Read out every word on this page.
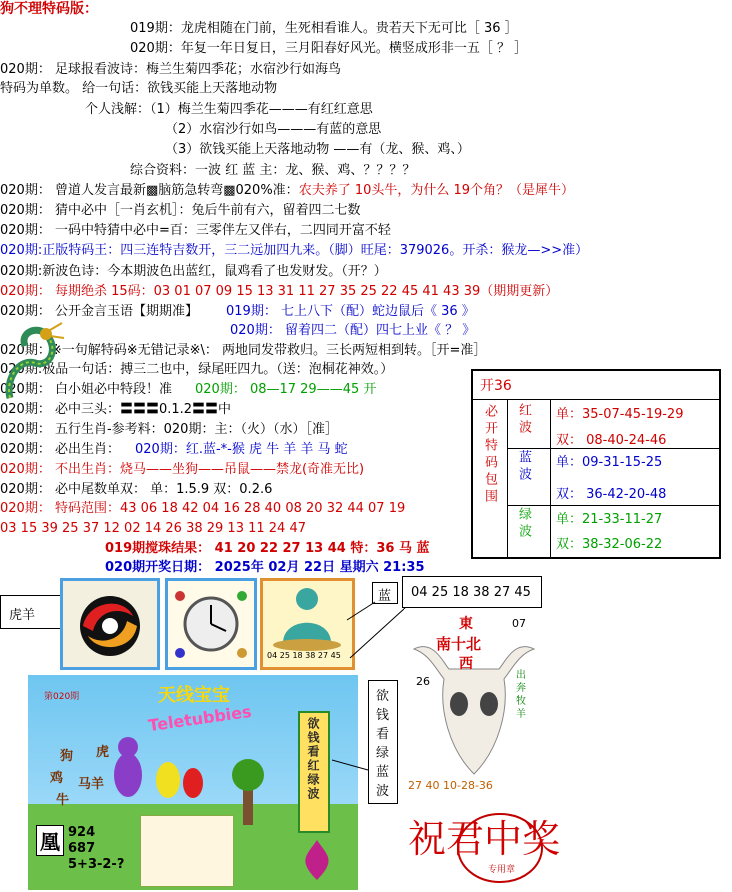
狗不理特码版：
019期：龙虎相随在门前，生死相看谁人。贵若天下无可比［ 36 ］
020期：年复一年日复日，三月阳春好风光。横竖成形非一五［ ？ ］
020期： 足球报看波诗：梅兰生菊四季花；水宿沙行如海鸟
特码为单数。 给一句话：欲钱买能上天落地动物
个人浅解：（1）梅兰生菊四季花———有红红意思
（2）水宿沙行如鸟———有蓝的意思
（3）欲钱买能上天落地动物 ——有（龙、猴、鸡、）
综合资料：一波 红 蓝 主：龙、猴、鸡、？？？？
020期： 曾道人发言最新▩脑筋急转弯▩020%准：农夫养了 10头牛，为什么 19个角？（是犀牛）
020期： 猜中必中［一肖玄机］：兔后牛前有六，留着四二七数
020期： 一码中特猜中必中=百：三零伴左又伴右，二四同开富不轻
020期:正版特码王：四三连特吉数开，三二远加四九来。（脚）旺尾：379026。开杀：猴龙—>>准）
020期:新波色诗：今本期波色出蓝红，鼠鸡看了也发财发。（开？）
020期： 每期绝杀 15码：03 01 07 09 15 13 31 11 27 35 25 22 45 41 43 39（期期更新）
020期： 公开金言玉语【期期准】 019期： 七上八下（配）蛇边鼠后《 36 》
020期： 留着四二（配）四七上业《 ？ 》
020期：※一句解特码※无错记录※\： 两地同发带救归。三长两短相到转。［开=准］
020期:极品一句话：搏三二也中，绿尾旺四九。（送：泡桐花神效。）
020期： 白小姐必中特段！准 020期： 08—17 29——45 开
020期： 必中三头：〓〓〓0.1.2〓〓中
020期： 五行生肖-参考料：020期：主：（火）（水）［准］
020期： 必出生肖： 020期：红.蓝-*-猴 虎 牛 羊 羊 马 蛇
020期： 不出生肖：烧马——坐狗——吊鼠——禁龙(奇准无比)
020期： 必中尾数单双： 单：1.5.9 双：0.2.6
020期： 特码范围：43 06 18 42 04 16 28 40 08 20 32 44 07 19
03 15 39 25 37 12 02 14 26 38 29 13 11 24 47
019期搅珠结果： 41 20 22 27 13 44 特：36 马 蓝
020期开奖日期： 2025年 02月 22日 星期六 21:35
开36
必开特码包围 红波 单：35-07-45-19-29
双： 08-40-24-46
蓝波 单：09-31-15-25
双： 36-42-20-48
绿波 单：21-33-11-27
双：38-32-06-22
虎羊
04 25 18 38 27 45
蓝 04 25 18 38 27 45
東
南十北
西
07
26	出奔牧羊
27 40 10-28-36
第020期	天线宝宝
Teletubbies
狗
鸡
牛
虎
马羊	欲钱看红绿波
凰 924
687
5+3-2-?
欲钱看绿蓝波
祝君中奖
专用章
